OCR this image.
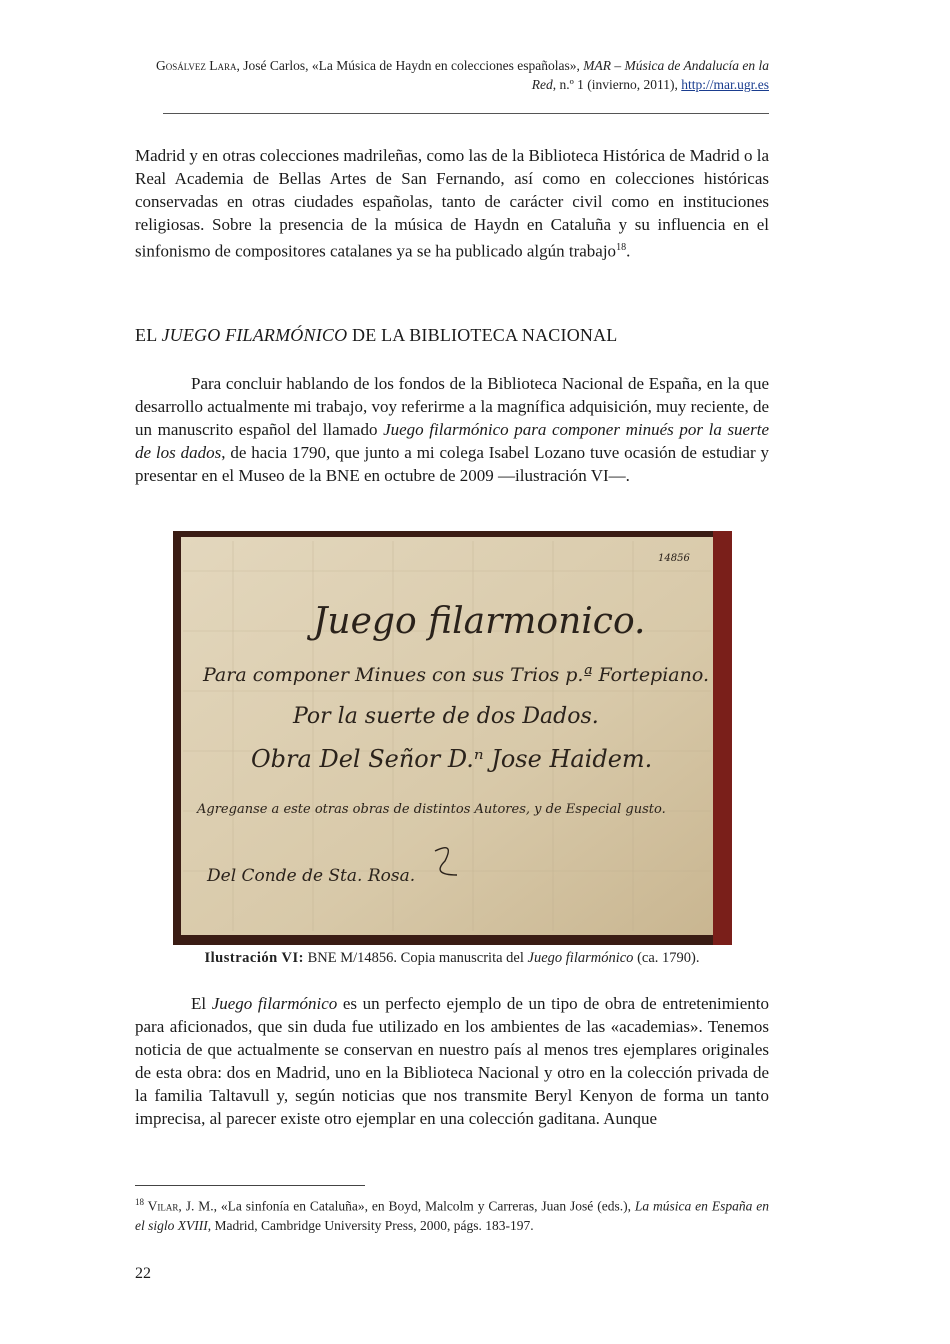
Gosálvez Lara, José Carlos, «La Música de Haydn en colecciones españolas», MAR – Música de Andalucía en la Red, n.º 1 (invierno, 2011), http://mar.ugr.es

Madrid y en otras colecciones madrileñas, como las de la Biblioteca Histórica de Madrid o la Real Academia de Bellas Artes de San Fernando, así como en colecciones históricas conservadas en otras ciudades españolas, tanto de carácter civil como en instituciones religiosas. Sobre la presencia de la música de Haydn en Cataluña y su influencia en el sinfonismo de compositores catalanes ya se ha publicado algún trabajo$^{18}$.

EL JUEGO FILARMÓNICO DE LA BIBLIOTECA NACIONAL

Para concluir hablando de los fondos de la Biblioteca Nacional de España, en la que desarrollo actualmente mi trabajo, voy referirme a la magnífica adquisición, muy reciente, de un manuscrito español del llamado Juego filarmónico para componer minués por la suerte de los dados, de hacia 1790, que junto a mi colega Isabel Lozano tuve ocasión de estudiar y presentar en el Museo de la BNE en octubre de 2009 —ilustración VI—.

14856
Juego filarmonico.
Para componer Minues con sus Trios p.ª Fortepiano.
Por la suerte de dos Dados.
Obra Del Señor D.ⁿ Jose Haidem.
Agreganse a este otras obras de distintos Autores, y de Especial gusto.
Del Conde de Sta. Rosa.
Ilustración VI: BNE M/14856. Copia manuscrita del Juego filarmónico (ca. 1790).

El Juego filarmónico es un perfecto ejemplo de un tipo de obra de entretenimiento para aficionados, que sin duda fue utilizado en los ambientes de las «academias». Tenemos noticia de que actualmente se conservan en nuestro país al menos tres ejemplares originales de esta obra: dos en Madrid, uno en la Biblioteca Nacional y otro en la colección privada de la familia Taltavull y, según noticias que nos transmite Beryl Kenyon de forma un tanto imprecisa, al parecer existe otro ejemplar en una colección gaditana. Aunque

$^{18}$ Vilar, J. M., «La sinfonía en Cataluña», en Boyd, Malcolm y Carreras, Juan José (eds.), La música en España en el siglo XVIII, Madrid, Cambridge University Press, 2000, págs. 183-197.
22
